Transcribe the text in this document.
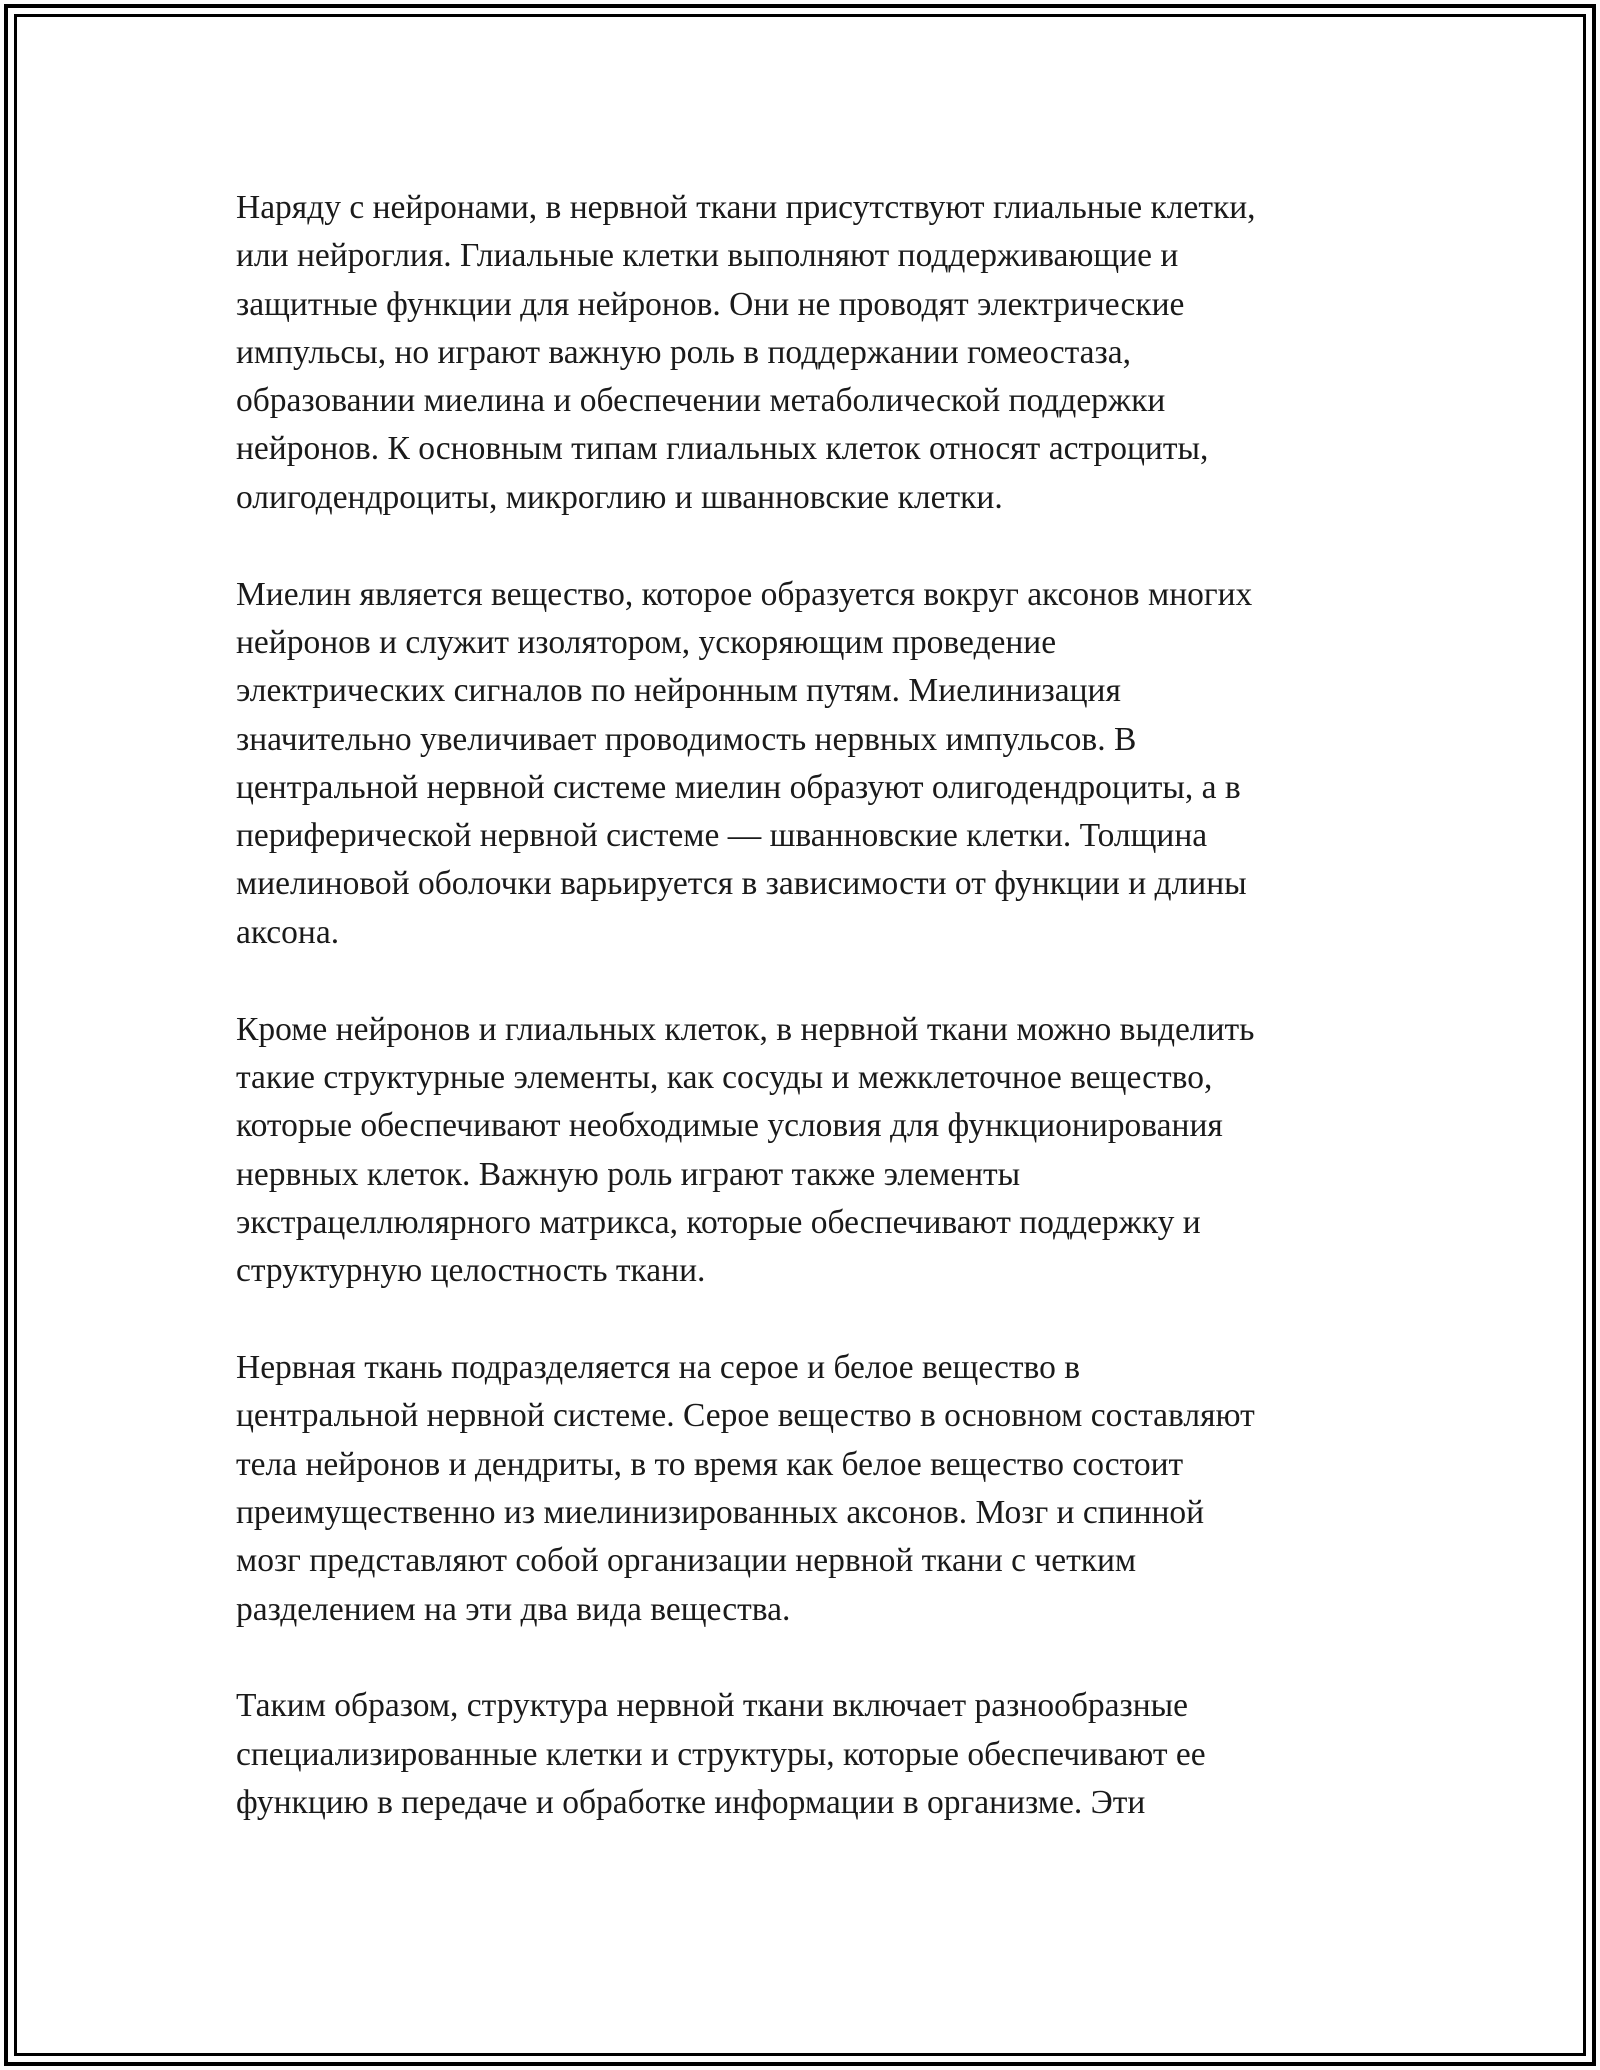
Наряду с нейронами, в нервной ткани присутствуют глиальные клетки,
или нейроглия. Глиальные клетки выполняют поддерживающие и
защитные функции для нейронов. Они не проводят электрические
импульсы, но играют важную роль в поддержании гомеостаза,
образовании миелина и обеспечении метаболической поддержки
нейронов. К основным типам глиальных клеток относят астроциты,
олигодендроциты, микроглию и шванновские клетки.

Миелин является вещество, которое образуется вокруг аксонов многих
нейронов и служит изолятором, ускоряющим проведение
электрических сигналов по нейронным путям. Миелинизация
значительно увеличивает проводимость нервных импульсов. В
центральной нервной системе миелин образуют олигодендроциты, а в
периферической нервной системе — шванновские клетки. Толщина
миелиновой оболочки варьируется в зависимости от функции и длины
аксона.

Кроме нейронов и глиальных клеток, в нервной ткани можно выделить
такие структурные элементы, как сосуды и межклеточное вещество,
которые обеспечивают необходимые условия для функционирования
нервных клеток. Важную роль играют также элементы
экстрацеллюлярного матрикса, которые обеспечивают поддержку и
структурную целостность ткани.

Нервная ткань подразделяется на серое и белое вещество в
центральной нервной системе. Серое вещество в основном составляют
тела нейронов и дендриты, в то время как белое вещество состоит
преимущественно из миелинизированных аксонов. Мозг и спинной
мозг представляют собой организации нервной ткани с четким
разделением на эти два вида вещества.

Таким образом, структура нервной ткани включает разнообразные
специализированные клетки и структуры, которые обеспечивают ее
функцию в передаче и обработке информации в организме. Эти
